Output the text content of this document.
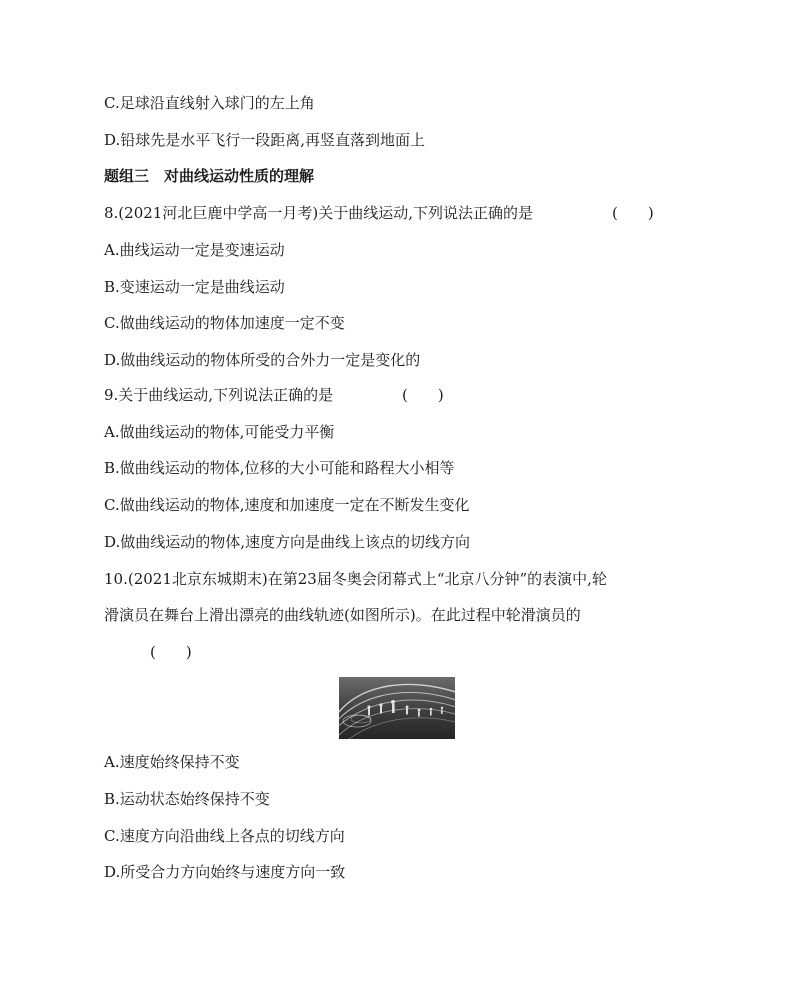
C.足球沿直线射入球门的左上角
D.铅球先是水平飞行一段距离,再竖直落到地面上
题组三　对曲线运动性质的理解
8.(2021河北巨鹿中学高一月考)关于曲线运动,下列说法正确的是	(　　)
A.曲线运动一定是变速运动
B.变速运动一定是曲线运动
C.做曲线运动的物体加速度一定不变
D.做曲线运动的物体所受的合外力一定是变化的
9.关于曲线运动,下列说法正确的是	(　　)
A.做曲线运动的物体,可能受力平衡
B.做曲线运动的物体,位移的大小可能和路程大小相等
C.做曲线运动的物体,速度和加速度一定在不断发生变化
D.做曲线运动的物体,速度方向是曲线上该点的切线方向
10.(2021北京东城期末)在第23届冬奥会闭幕式上“北京八分钟”的表演中,轮
滑演员在舞台上滑出漂亮的曲线轨迹(如图所示)。在此过程中轮滑演员的
(　　)
A.速度始终保持不变
B.运动状态始终保持不变
C.速度方向沿曲线上各点的切线方向
D.所受合力方向始终与速度方向一致
